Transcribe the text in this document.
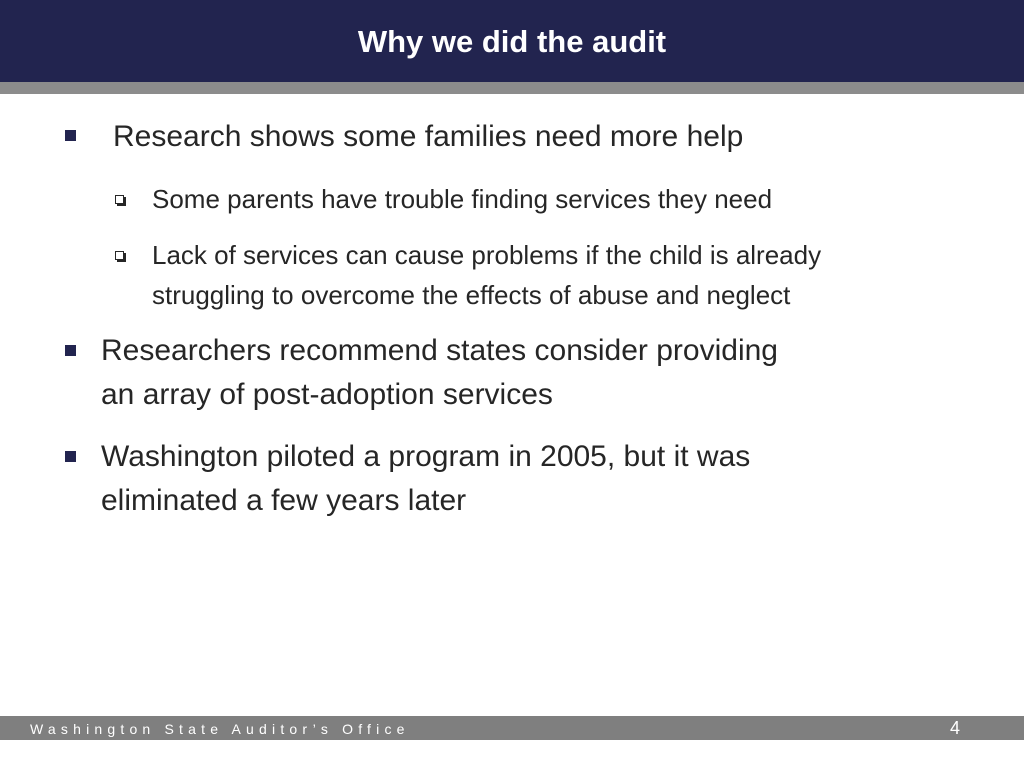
Why we did the audit
Research shows some families need more help
Some parents have trouble finding services they need
Lack of services can cause problems if the child is already
struggling to overcome the effects of abuse and neglect
Researchers recommend states consider providing
an array of post-adoption services
Washington piloted a program in 2005, but it was
eliminated a few years later
Washington State Auditor’s Office	4
